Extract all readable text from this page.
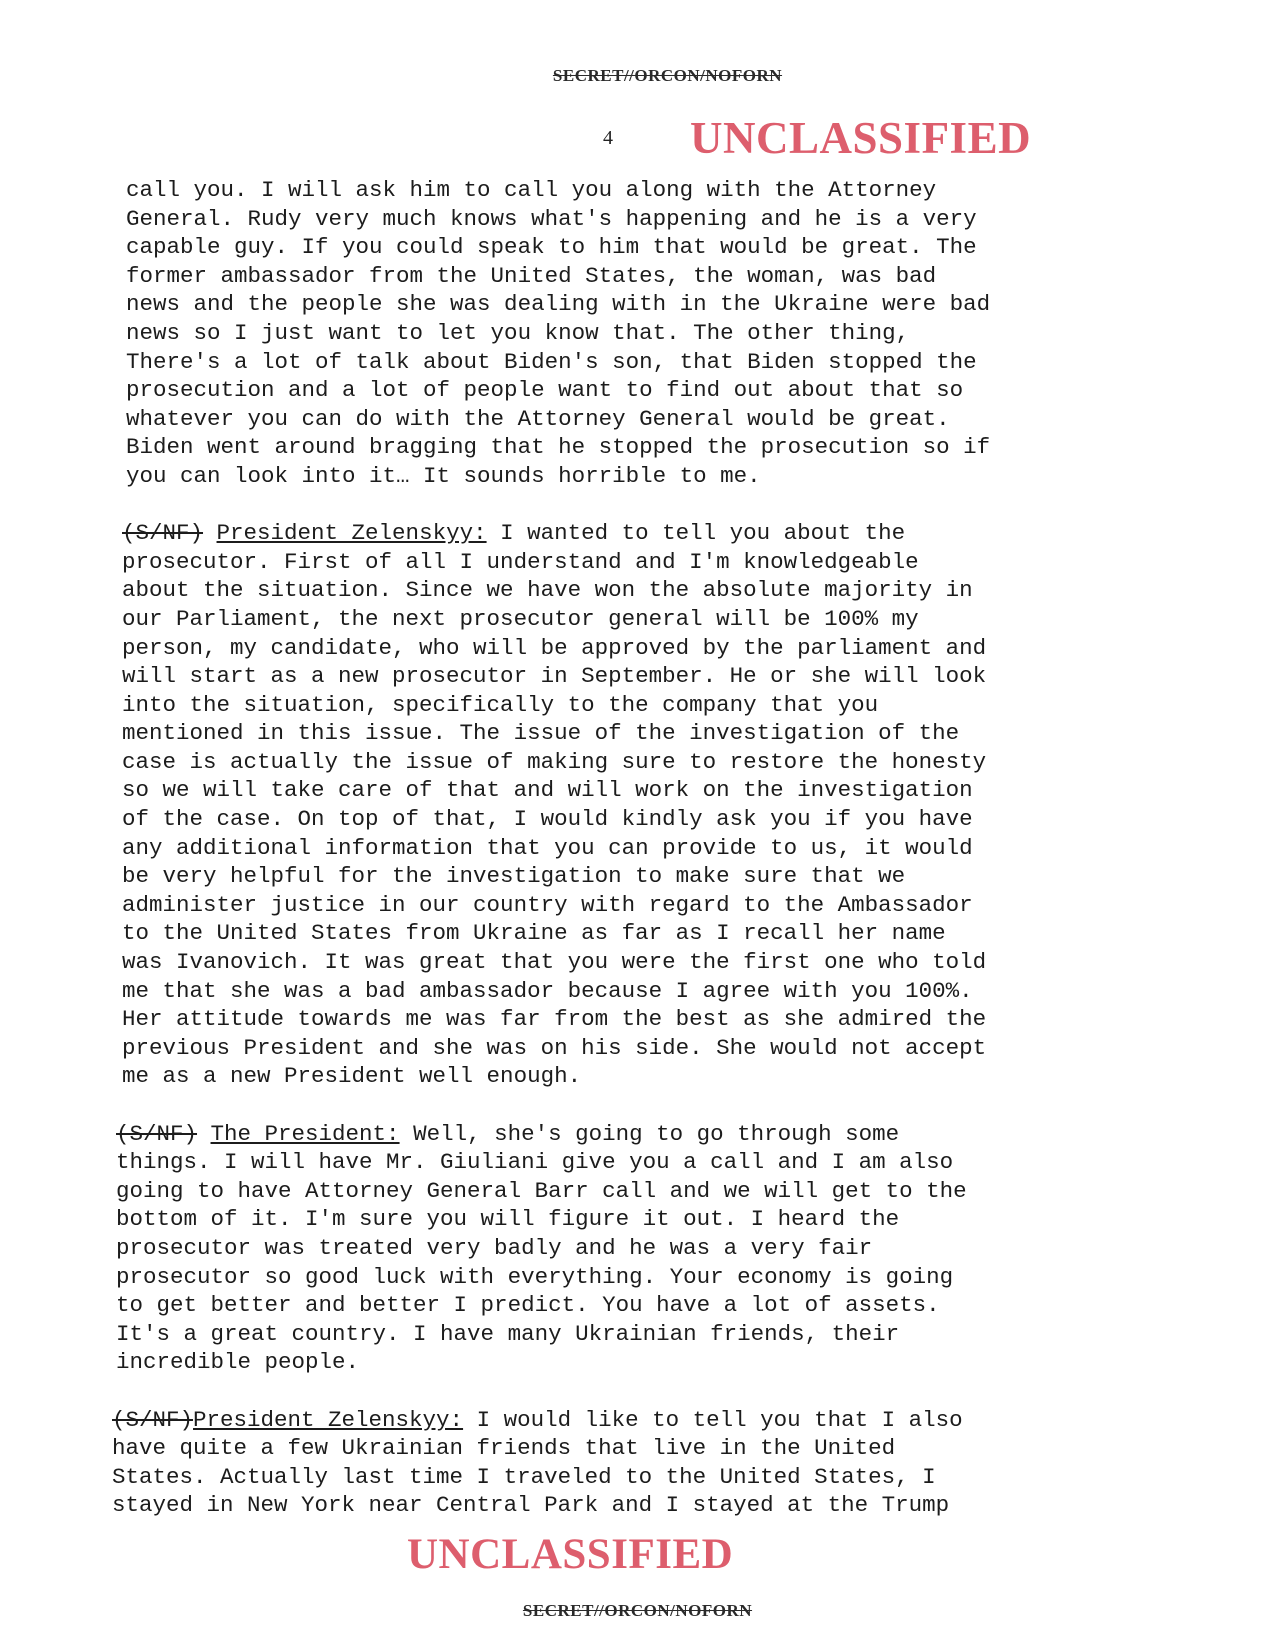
SECRET//ORCON/NOFORN
4 UNCLASSIFIED

call you. I will ask him to call you along with the Attorney
General. Rudy very much knows what's happening and he is a very
capable guy. If you could speak to him that would be great. The
former ambassador from the United States, the woman, was bad
news and the people she was dealing with in the Ukraine were bad
news so I just want to let you know that. The other thing,
There's a lot of talk about Biden's son, that Biden stopped the
prosecution and a lot of people want to find out about that so
whatever you can do with the Attorney General would be great.
Biden went around bragging that he stopped the prosecution so if
you can look into it… It sounds horrible to me.

(S/NF) President Zelenskyy: I wanted to tell you about the
prosecutor. First of all I understand and I'm knowledgeable
about the situation. Since we have won the absolute majority in
our Parliament, the next prosecutor general will be 100% my
person, my candidate, who will be approved by the parliament and
will start as a new prosecutor in September. He or she will look
into the situation, specifically to the company that you
mentioned in this issue. The issue of the investigation of the
case is actually the issue of making sure to restore the honesty
so we will take care of that and will work on the investigation
of the case. On top of that, I would kindly ask you if you have
any additional information that you can provide to us, it would
be very helpful for the investigation to make sure that we
administer justice in our country with regard to the Ambassador
to the United States from Ukraine as far as I recall her name
was Ivanovich. It was great that you were the first one who told
me that she was a bad ambassador because I agree with you 100%.
Her attitude towards me was far from the best as she admired the
previous President and she was on his side. She would not accept
me as a new President well enough.

(S/NF) The President: Well, she's going to go through some
things. I will have Mr. Giuliani give you a call and I am also
going to have Attorney General Barr call and we will get to the
bottom of it. I'm sure you will figure it out. I heard the
prosecutor was treated very badly and he was a very fair
prosecutor so good luck with everything. Your economy is going
to get better and better I predict. You have a lot of assets.
It's a great country. I have many Ukrainian friends, their
incredible people.

(S/NF)President Zelenskyy: I would like to tell you that I also
have quite a few Ukrainian friends that live in the United
States. Actually last time I traveled to the United States, I
stayed in New York near Central Park and I stayed at the Trump

UNCLASSIFIED
SECRET//ORCON/NOFORN
